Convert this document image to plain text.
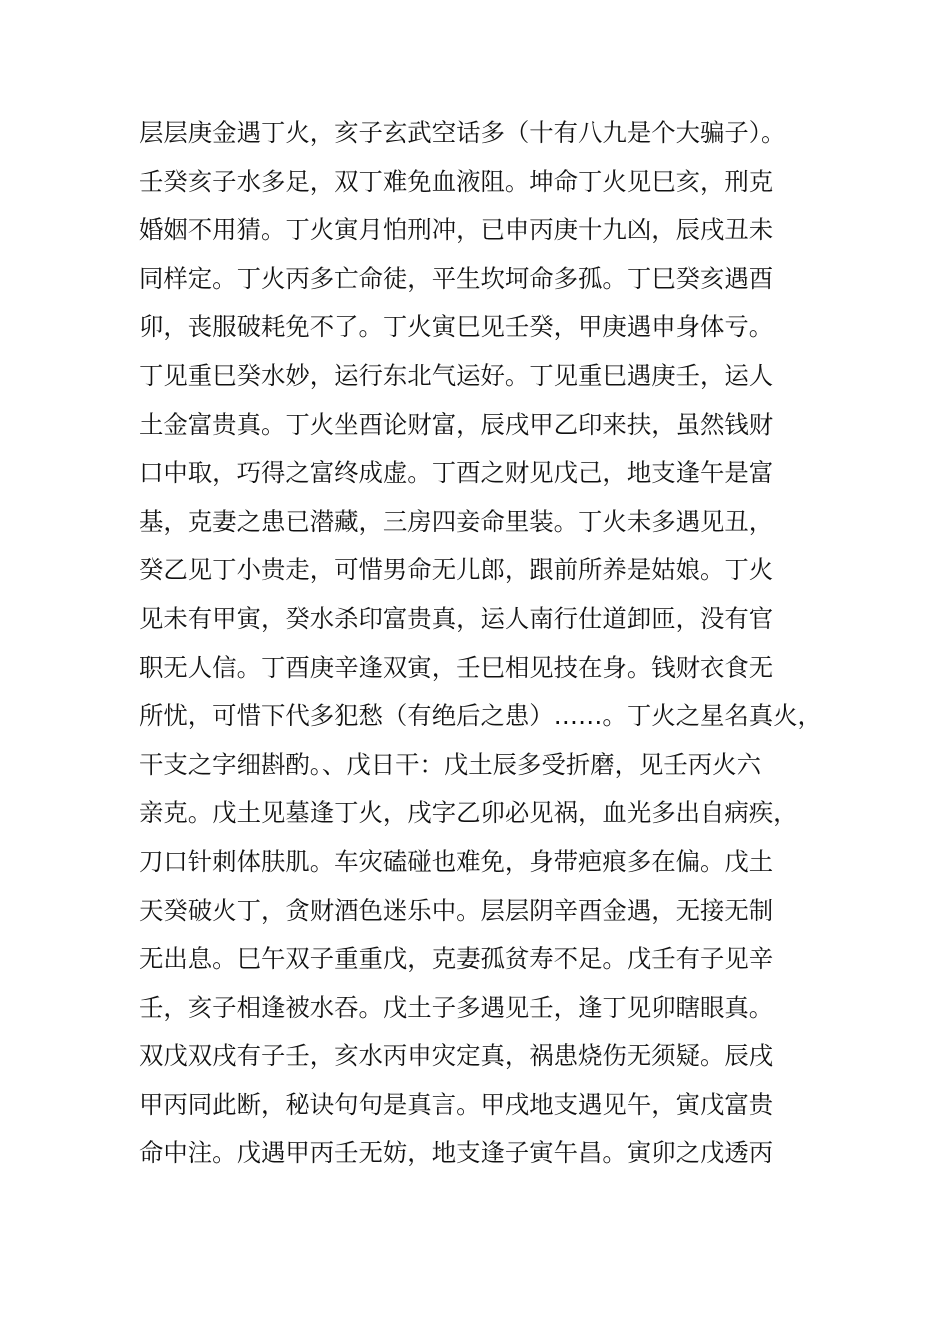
层层庚金遇丁火，亥子玄武空话多（十有八九是个大骗子）。
壬癸亥子水多足，双丁难免血液阻。坤命丁火见巳亥，刑克
婚姻不用猜。丁火寅月怕刑冲，已申丙庚十九凶，辰戌丑未
同样定。丁火丙多亡命徒，平生坎坷命多孤。丁巳癸亥遇酉
卯，丧服破耗免不了。丁火寅巳见壬癸，甲庚遇申身体亏。
丁见重巳癸水妙，运行东北气运好。丁见重巳遇庚壬，运人
土金富贵真。丁火坐酉论财富，辰戌甲乙印来扶，虽然钱财
口中取，巧得之富终成虚。丁酉之财见戊己，地支逢午是富
基，克妻之患已潜藏，三房四妾命里装。丁火未多遇见丑，
癸乙见丁小贵走，可惜男命无儿郎，跟前所养是姑娘。丁火
见未有甲寅，癸水杀印富贵真，运人南行仕道卸匝，没有官
职无人信。丁酉庚辛逢双寅，壬巳相见技在身。钱财衣食无
所忧，可惜下代多犯愁（有绝后之患）……。丁火之星名真火，
干支之字细斟酌。、戊日干：戊土辰多受折磨，见壬丙火六
亲克。戊土见墓逢丁火，戌字乙卯必见祸，血光多出自病疾，
刀口针刺体肤肌。车灾磕碰也难免，身带疤痕多在偏。戊土
天癸破火丁，贪财酒色迷乐中。层层阴辛酉金遇，无接无制
无出息。巳午双子重重戊，克妻孤贫寿不足。戊壬有子见辛
壬，亥子相逢被水吞。戊土子多遇见壬，逢丁见卯瞎眼真。
双戊双戌有子壬，亥水丙申灾定真，祸患烧伤无须疑。辰戌
甲丙同此断，秘诀句句是真言。甲戌地支遇见午，寅戊富贵
命中注。戊遇甲丙壬无妨，地支逢子寅午昌。寅卯之戊透丙
